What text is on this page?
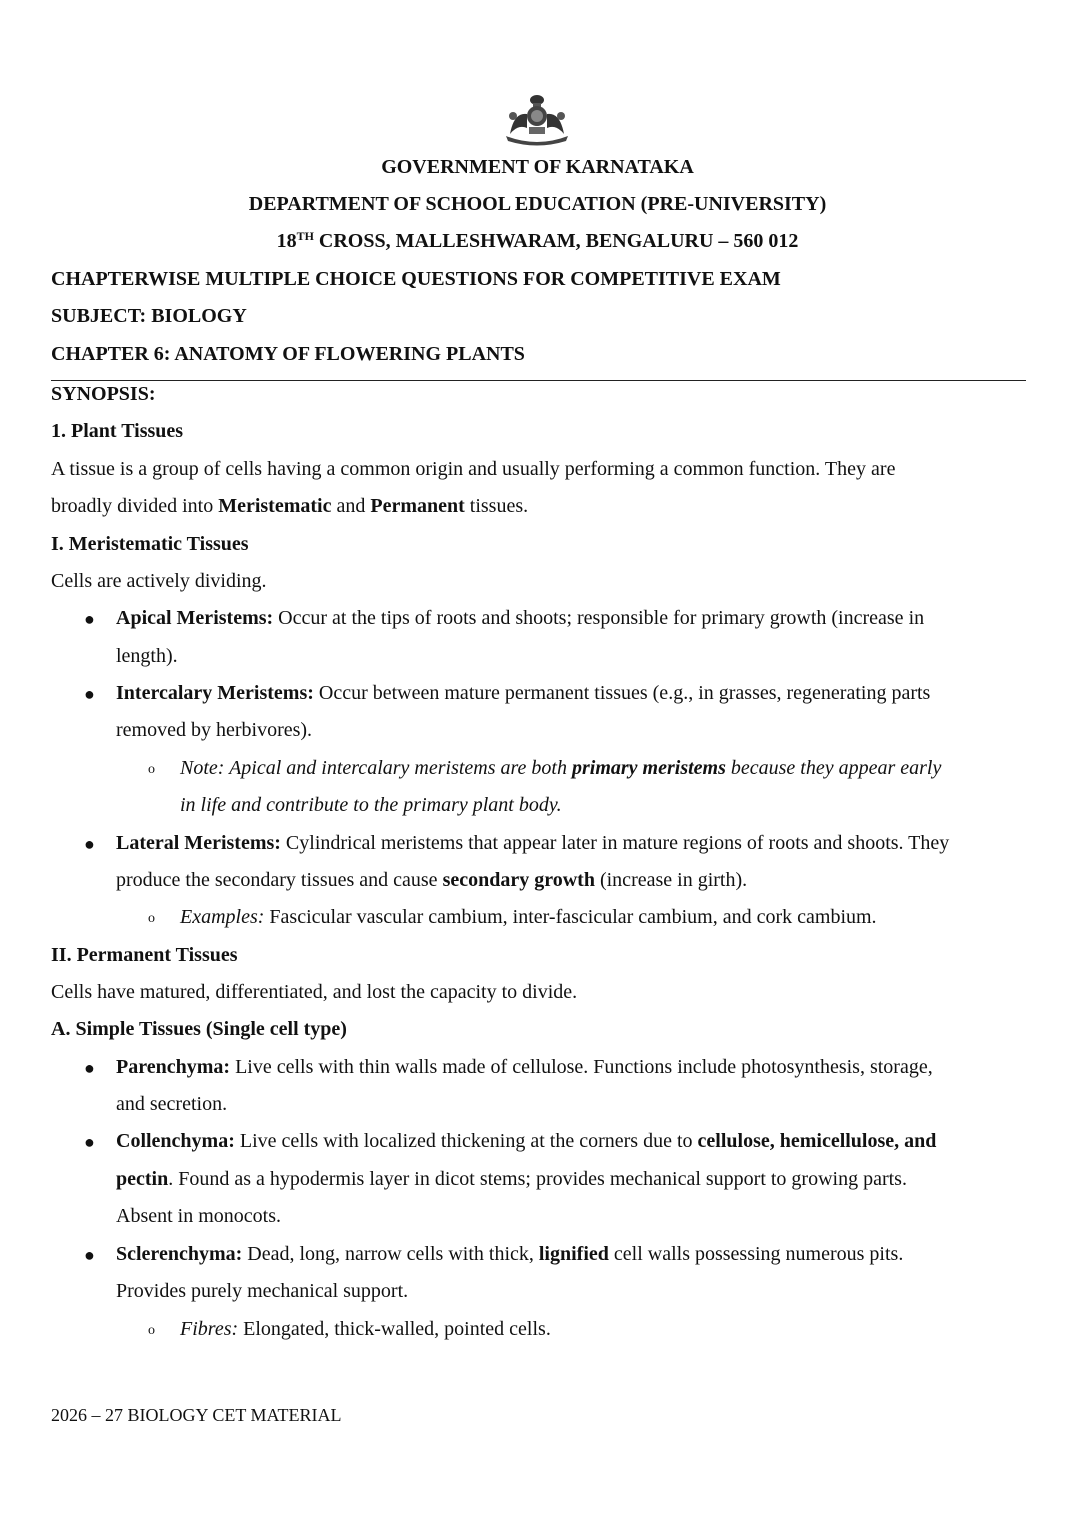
GOVERNMENT OF KARNATAKA
DEPARTMENT OF SCHOOL EDUCATION (PRE-UNIVERSITY)
18TH CROSS, MALLESHWARAM, BENGALURU – 560 012
CHAPTERWISE MULTIPLE CHOICE QUESTIONS FOR COMPETITIVE EXAM
SUBJECT: BIOLOGY
CHAPTER 6: ANATOMY OF FLOWERING PLANTS
SYNOPSIS:
1. Plant Tissues
A tissue is a group of cells having a common origin and usually performing a common function. They are
broadly divided into Meristematic and Permanent tissues.
I. Meristematic Tissues
Cells are actively dividing.
● Apical Meristems: Occur at the tips of roots and shoots; responsible for primary growth (increase in
length).
● Intercalary Meristems: Occur between mature permanent tissues (e.g., in grasses, regenerating parts
removed by herbivores).
o Note: Apical and intercalary meristems are both primary meristems because they appear early
in life and contribute to the primary plant body.
● Lateral Meristems: Cylindrical meristems that appear later in mature regions of roots and shoots. They
produce the secondary tissues and cause secondary growth (increase in girth).
o Examples: Fascicular vascular cambium, inter-fascicular cambium, and cork cambium.
II. Permanent Tissues
Cells have matured, differentiated, and lost the capacity to divide.
A. Simple Tissues (Single cell type)
● Parenchyma: Live cells with thin walls made of cellulose. Functions include photosynthesis, storage,
and secretion.
● Collenchyma: Live cells with localized thickening at the corners due to cellulose, hemicellulose, and
pectin. Found as a hypodermis layer in dicot stems; provides mechanical support to growing parts.
Absent in monocots.
● Sclerenchyma: Dead, long, narrow cells with thick, lignified cell walls possessing numerous pits.
Provides purely mechanical support.
o Fibres: Elongated, thick-walled, pointed cells.
2026 – 27 BIOLOGY CET MATERIAL
